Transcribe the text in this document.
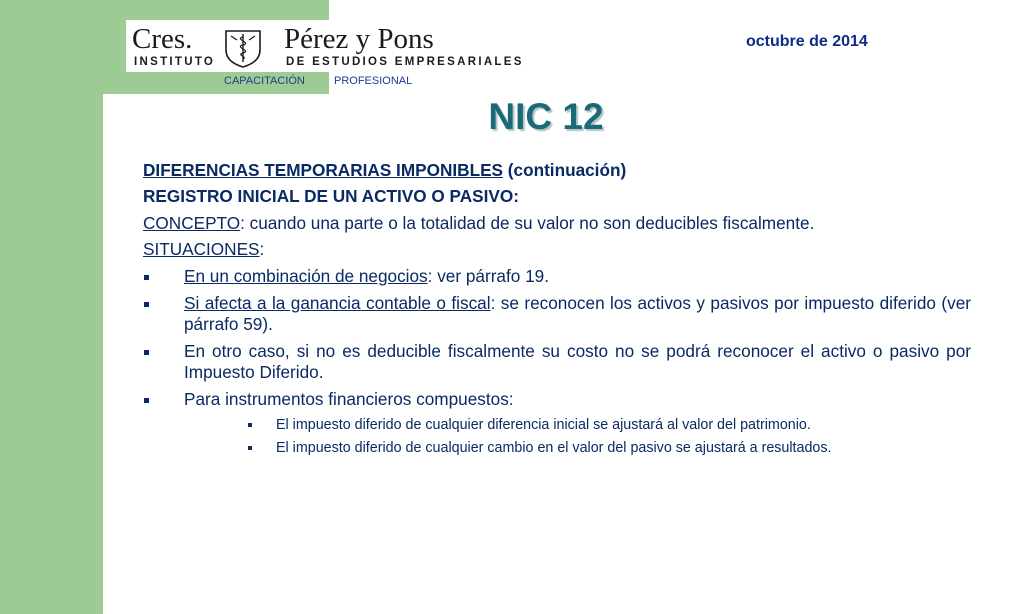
Cres.	Pérez y Pons
INSTITUTO	DE ESTUDIOS EMPRESARIALES
CAPACITACIÓN	PROFESIONAL
octubre de 2014
NIC 12

DIFERENCIAS TEMPORARIAS IMPONIBLES (continuación)

REGISTRO INICIAL DE UN ACTIVO O PASIVO:

CONCEPTO: cuando una parte o la totalidad de su valor no son deducibles fiscalmente.

SITUACIONES:

En un combinación de negocios: ver párrafo 19.
Si afecta a la ganancia contable o fiscal: se reconocen los activos y pasivos por impuesto diferido (ver párrafo 59).
En otro caso, si no es deducible fiscalmente su costo no se podrá reconocer el activo o pasivo por Impuesto Diferido.
Para instrumentos financieros compuestos:
El impuesto diferido de cualquier diferencia inicial se ajustará al valor del patrimonio.
El impuesto diferido de cualquier cambio en el valor del pasivo se ajustará a resultados.
